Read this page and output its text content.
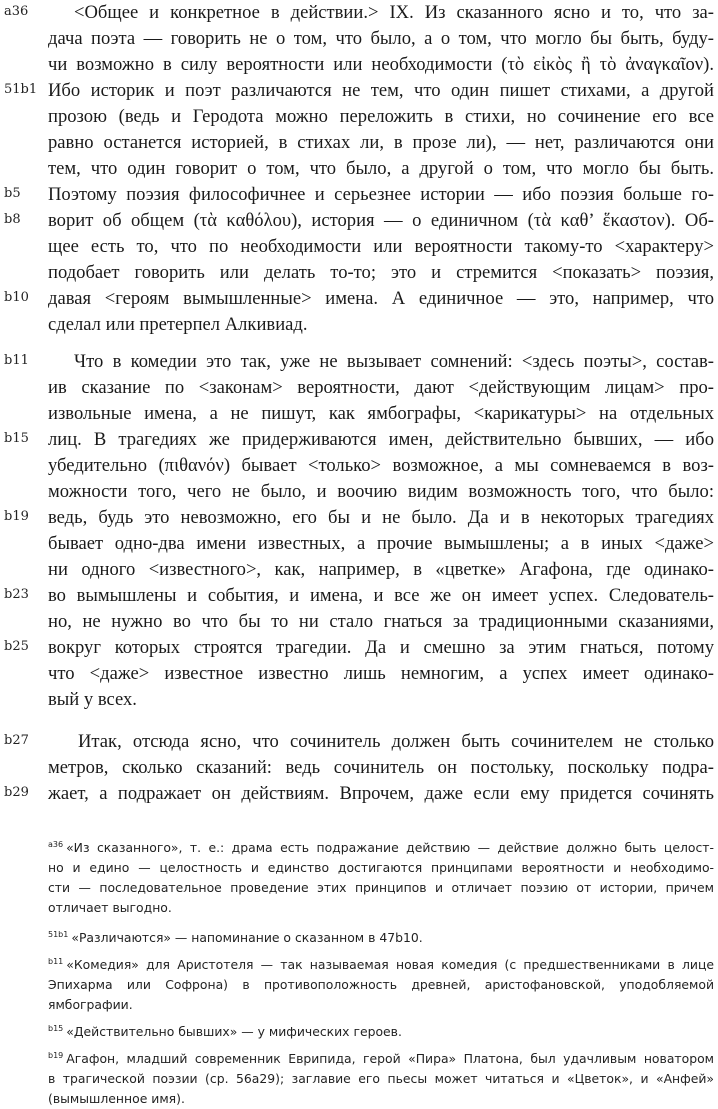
a36 <Общее и конкретное в действии.> IX. Из сказанного ясно и то, что за-
дача поэта — говорить не о том, что было, а о том, что могло бы быть, буду-
чи возможно в силу вероятности или необходимости (τὸ εἰκὸς ἢ τὸ ἀναγκαῖον).
51b1 Ибо историк и поэт различаются не тем, что один пишет стихами, а другой
прозою (ведь и Геродота можно переложить в стихи, но сочинение его все
равно останется историей, в стихах ли, в прозе ли), — нет, различаются они
тем, что один говорит о том, что было, а другой о том, что могло бы быть.
b5 Поэтому поэзия философичнее и серьезнее истории — ибо поэзия больше го-
b8 ворит об общем (τὰ καθόλου), история — о единичном (τὰ καθ’ ἕκαστον). Об-
щее есть то, что по необходимости или вероятности такому-то <характеру>
подобает говорить или делать то-то; это и стремится <показать> поэзия,
b10 давая <героям вымышленные> имена. А единичное — это, например, что
сделал или претерпел Алкивиад.
b11 Что в комедии это так, уже не вызывает сомнений: <здесь поэты>, состав-
ив сказание по <законам> вероятности, дают <действующим лицам> про-
извольные имена, а не пишут, как ямбографы, <карикатуры> на отдельных
b15 лиц. В трагедиях же придерживаются имен, действительно бывших, — ибо
убедительно (πιθανόν) бывает <только> возможное, а мы сомневаемся в воз-
можности того, чего не было, и воочию видим возможность того, что было:
b19 ведь, будь это невозможно, его бы и не было. Да и в некоторых трагедиях
бывает одно-два имени известных, а прочие вымышлены; а в иных <даже>
ни одного <известного>, как, например, в «цветке» Агафона, где одинако-
b23 во вымышлены и события, и имена, и все же он имеет успех. Следователь-
но, не нужно во что бы то ни стало гнаться за традиционными сказаниями,
b25 вокруг которых строятся трагедии. Да и смешно за этим гнаться, потому
что <даже> известное известно лишь немногим, а успех имеет одинако-
вый у всех.
b27	Итак, отсюда ясно, что сочинитель должен быть сочинителем не столько
метров, сколько сказаний: ведь сочинитель он постольку, поскольку подра-
b29 жает, а подражает он действиям. Впрочем, даже если ему придется сочинять
$^{a36}$ «Из сказанного», т. е.: драма есть подражание действию — действие должно быть целост-
но и едино — целостность и единство достигаются принципами вероятности и необходимо-
сти — последовательное проведение этих принципов и отличает поэзию от истории, причем
отличает выгодно.
$^{51b1}$ «Различаются» — напоминание о сказанном в 47b10.
$^{b11}$ «Комедия» для Аристотеля — так называемая новая комедия (с предшественниками в лице
Эпихарма или Софрона) в противоположность древней, аристофановской, уподобляемой
ямбографии.
$^{b15}$ «Действительно бывших» — у мифических героев.
$^{b19}$ Агафон, младший современник Еврипида, герой «Пира» Платона, был удачливым новатором
в трагической поэзии (ср. 56a29); заглавие его пьесы может читаться и «Цветок», и «Анфей»
(вымышленное имя).
